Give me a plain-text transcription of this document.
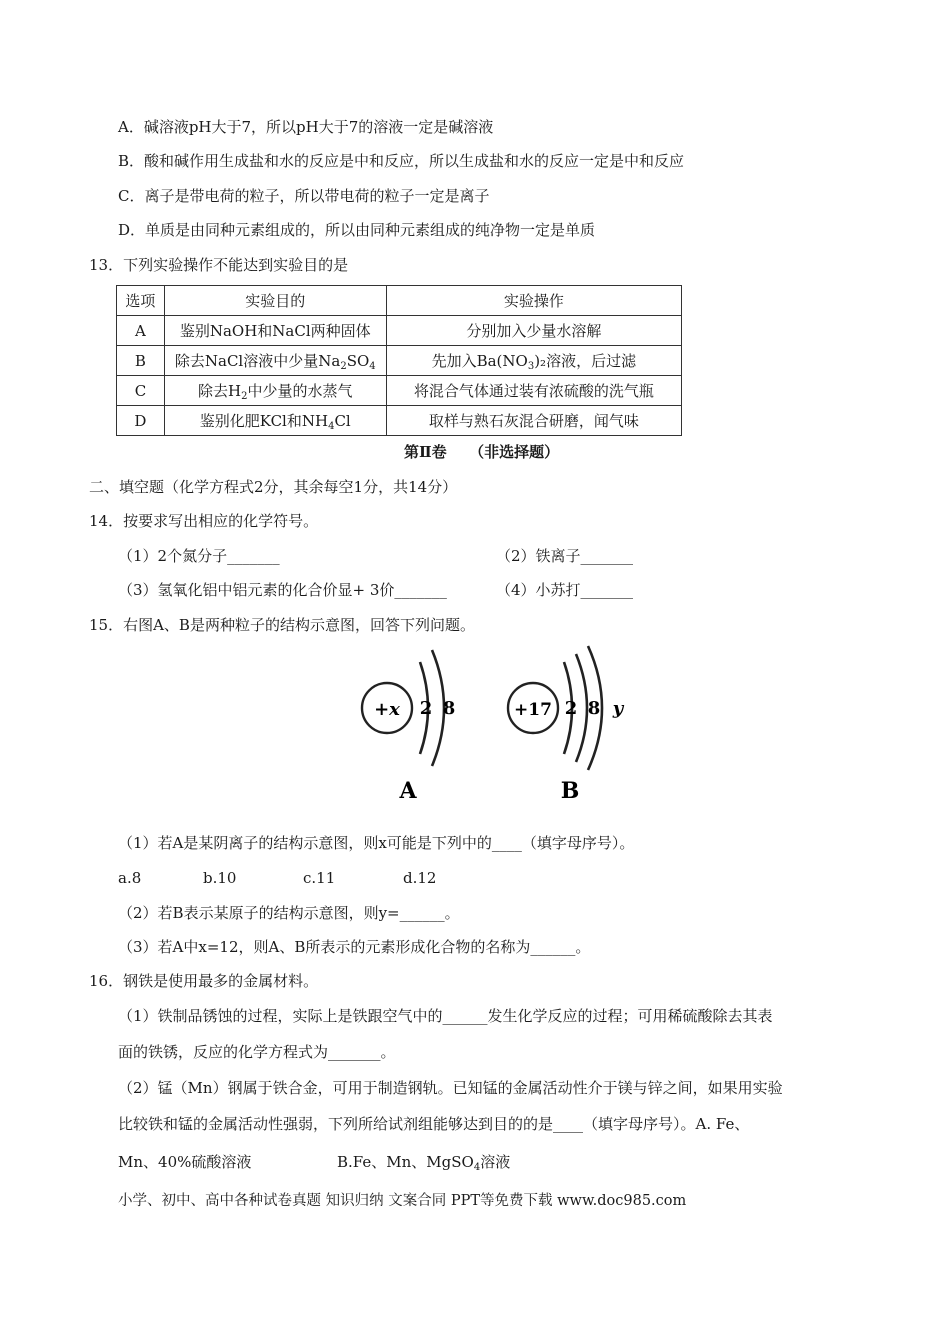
A．碱溶液pH大于7，所以pH大于7的溶液一定是碱溶液
B．酸和碱作用生成盐和水的反应是中和反应，所以生成盐和水的反应一定是中和反应
C．离子是带电荷的粒子，所以带电荷的粒子一定是离子
D．单质是由同种元素组成的，所以由同种元素组成的纯净物一定是单质
13．下列实验操作不能达到实验目的是
选项	实验目的	实验操作
A	鉴别NaOH和NaCl两种固体	分别加入少量水溶解
B	除去NaCl溶液中少量$Na_2SO_4$	先加入$Ba(NO_3)_2$溶液，后过滤
C	除去$H_2$中少量的水蒸气	将混合气体通过装有浓硫酸的洗气瓶
D	鉴别化肥KCl和$NH_4Cl$	取样与熟石灰混合研磨，闻气味
第Ⅱ卷　　（非选择题）
二、填空题（化学方程式2分，其余每空1分，共14分）
14．按要求写出相应的化学符号。
（1）2个氮分子_______	（2）铁离子_______
（3）氢氧化铝中铝元素的化合价显+ 3价_______	（4）小苏打_______
15．右图A、B是两种粒子的结构示意图，回答下列问题。
+x 2 8
A
+17 2 8 y
B
（1）若A是某阴离子的结构示意图，则x可能是下列中的____（填字母序号）。
a.8	b.10	c.11	d.12
（2）若B表示某原子的结构示意图，则y=______。
（3）若A中x=12，则A、B所表示的元素形成化合物的名称为______。
16．钢铁是使用最多的金属材料。
（1）铁制品锈蚀的过程，实际上是铁跟空气中的______发生化学反应的过程；可用稀硫酸除去其表
面的铁锈，反应的化学方程式为_______。
（2）锰（Mn）钢属于铁合金，可用于制造钢轨。已知锰的金属活动性介于镁与锌之间，如果用实验
比较铁和锰的金属活动性强弱，下列所给试剂组能够达到目的的是____（填字母序号）。A. Fe、
Mn、40%硫酸溶液	B.Fe、Mn、MgSO$_4$溶液
小学、初中、高中各种试卷真题 知识归纳 文案合同 PPT等免费下载 www.doc985.com
